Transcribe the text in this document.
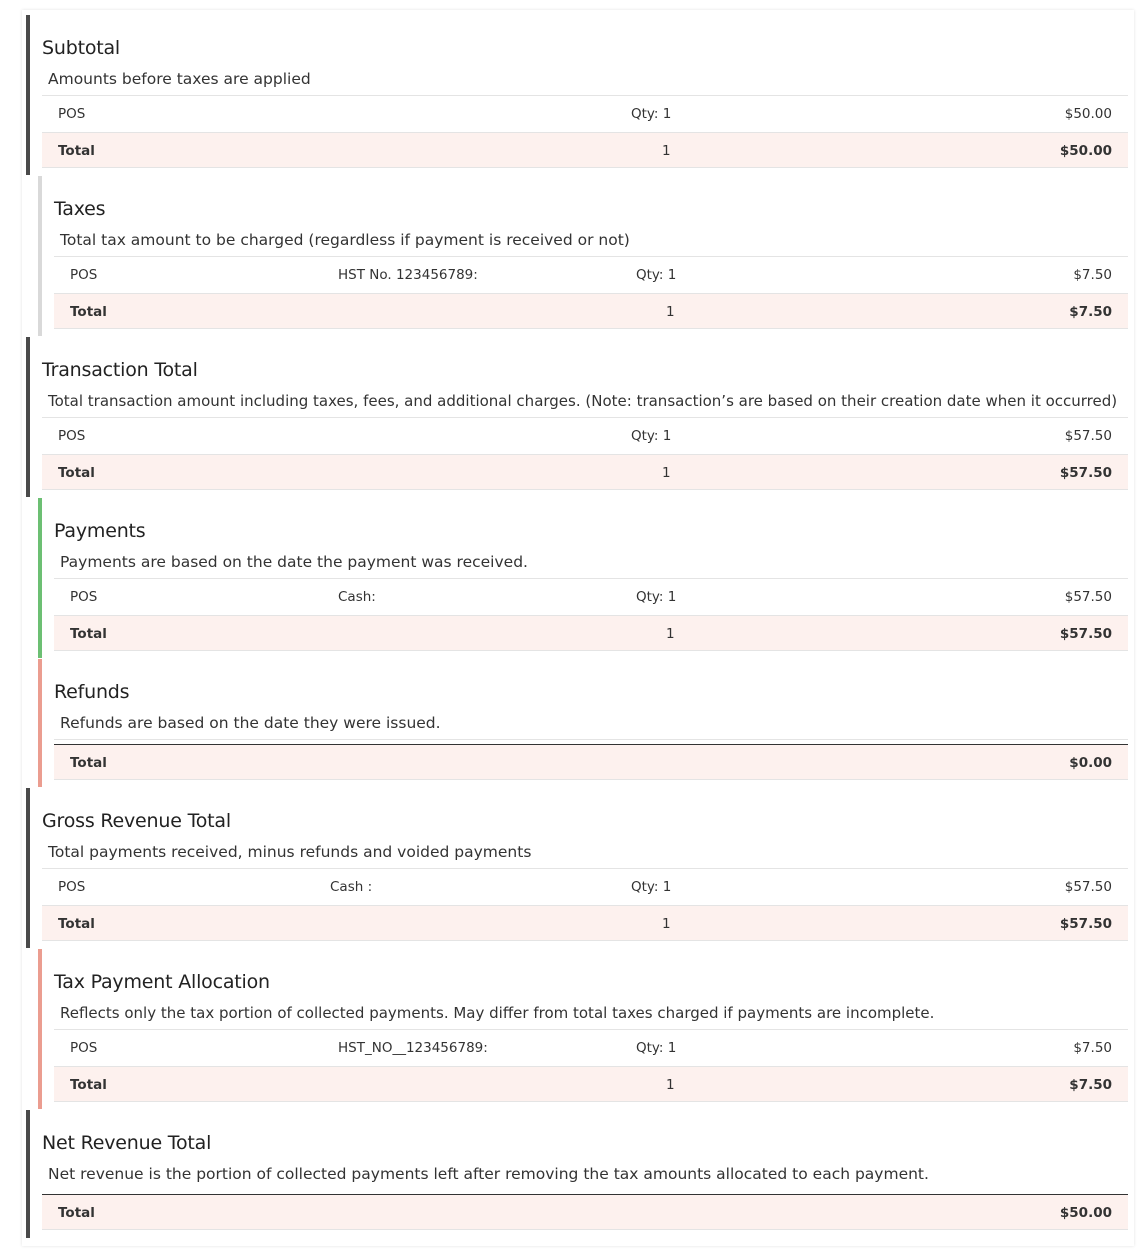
Subtotal
Amounts before taxes are applied
POS	Qty: 1	$50.00
Total	1	$50.00
Taxes
Total tax amount to be charged (regardless if payment is received or not)
POS	HST No. 123456789:	Qty: 1	$7.50
Total	1	$7.50
Transaction Total
Total transaction amount including taxes, fees, and additional charges. (Note: transaction’s are based on their creation date when it occurred)
POS	Qty: 1	$57.50
Total	1	$57.50
Payments
Payments are based on the date the payment was received.
POS	Cash:	Qty: 1	$57.50
Total	1	$57.50
Refunds
Refunds are based on the date they were issued.
Total	$0.00
Gross Revenue Total
Total payments received, minus refunds and voided payments
POS	Cash :	Qty: 1	$57.50
Total	1	$57.50
Tax Payment Allocation
Reflects only the tax portion of collected payments. May differ from total taxes charged if payments are incomplete.
POS	HST_NO__123456789:	Qty: 1	$7.50
Total	1	$7.50
Net Revenue Total
Net revenue is the portion of collected payments left after removing the tax amounts allocated to each payment.
Total	$50.00
